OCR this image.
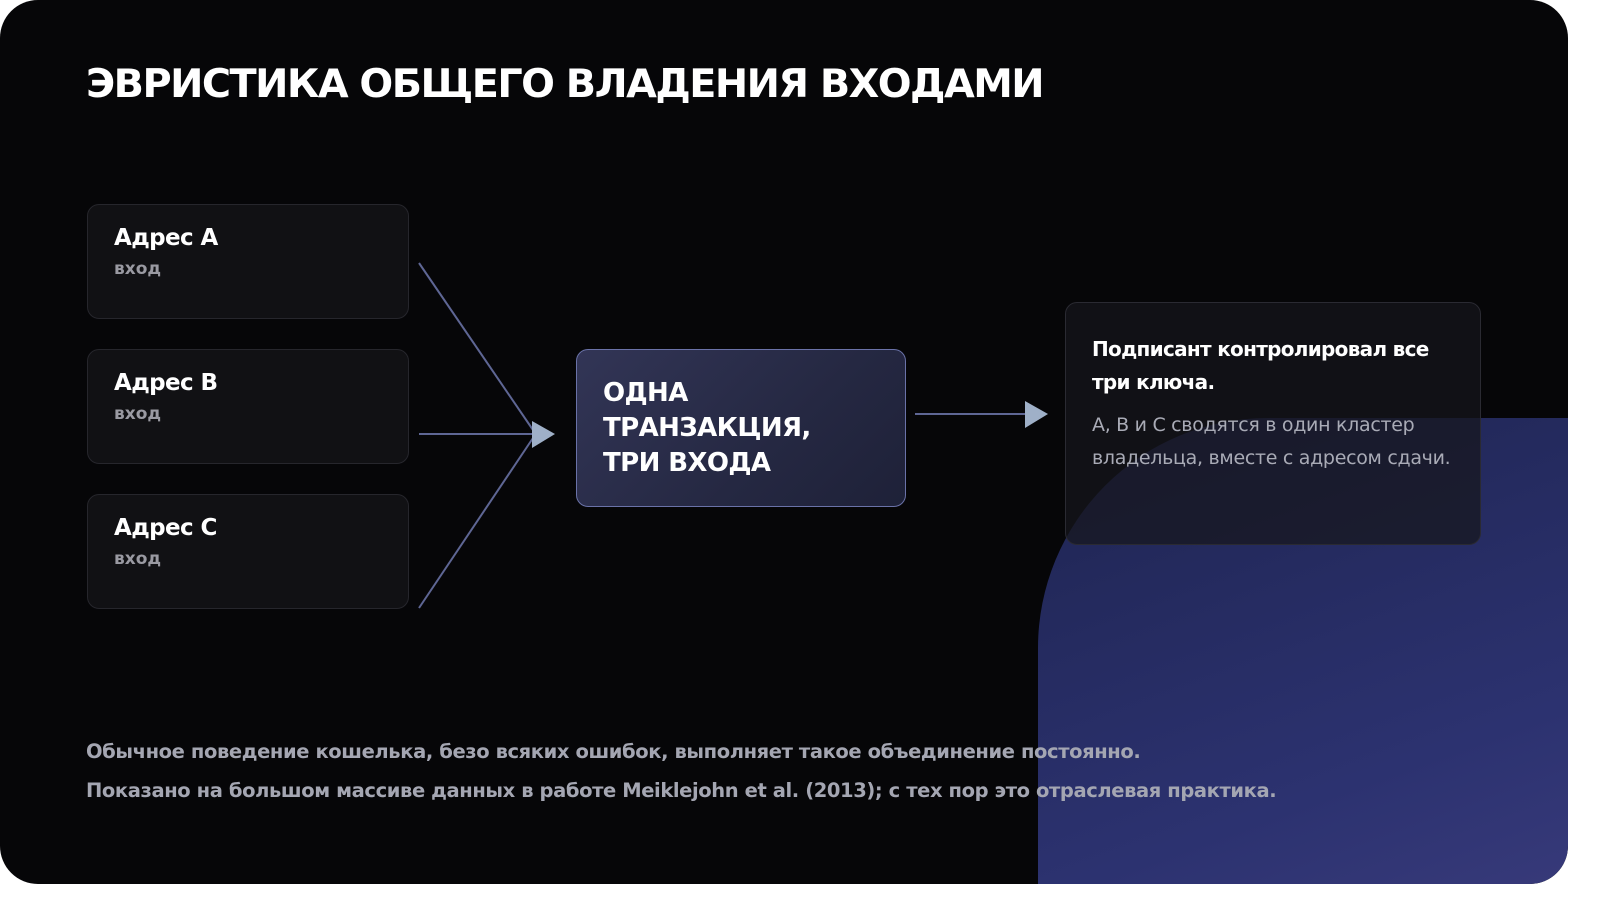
ЭВРИСТИКА ОБЩЕГО ВЛАДЕНИЯ ВХОДАМИ
Адрес A
вход
Адрес B
вход
Адрес C
вход
ОДНА
ТРАНЗАКЦИЯ,
ТРИ ВХОДА
Подписант контролировал все три ключа.
A, B и C сводятся в один кластер владельца, вместе с адресом сдачи.
Обычное поведение кошелька, безо всяких ошибок, выполняет такое объединение постоянно.
Показано на большом массиве данных в работе Meiklejohn et al. (2013); с тех пор это отраслевая практика.
